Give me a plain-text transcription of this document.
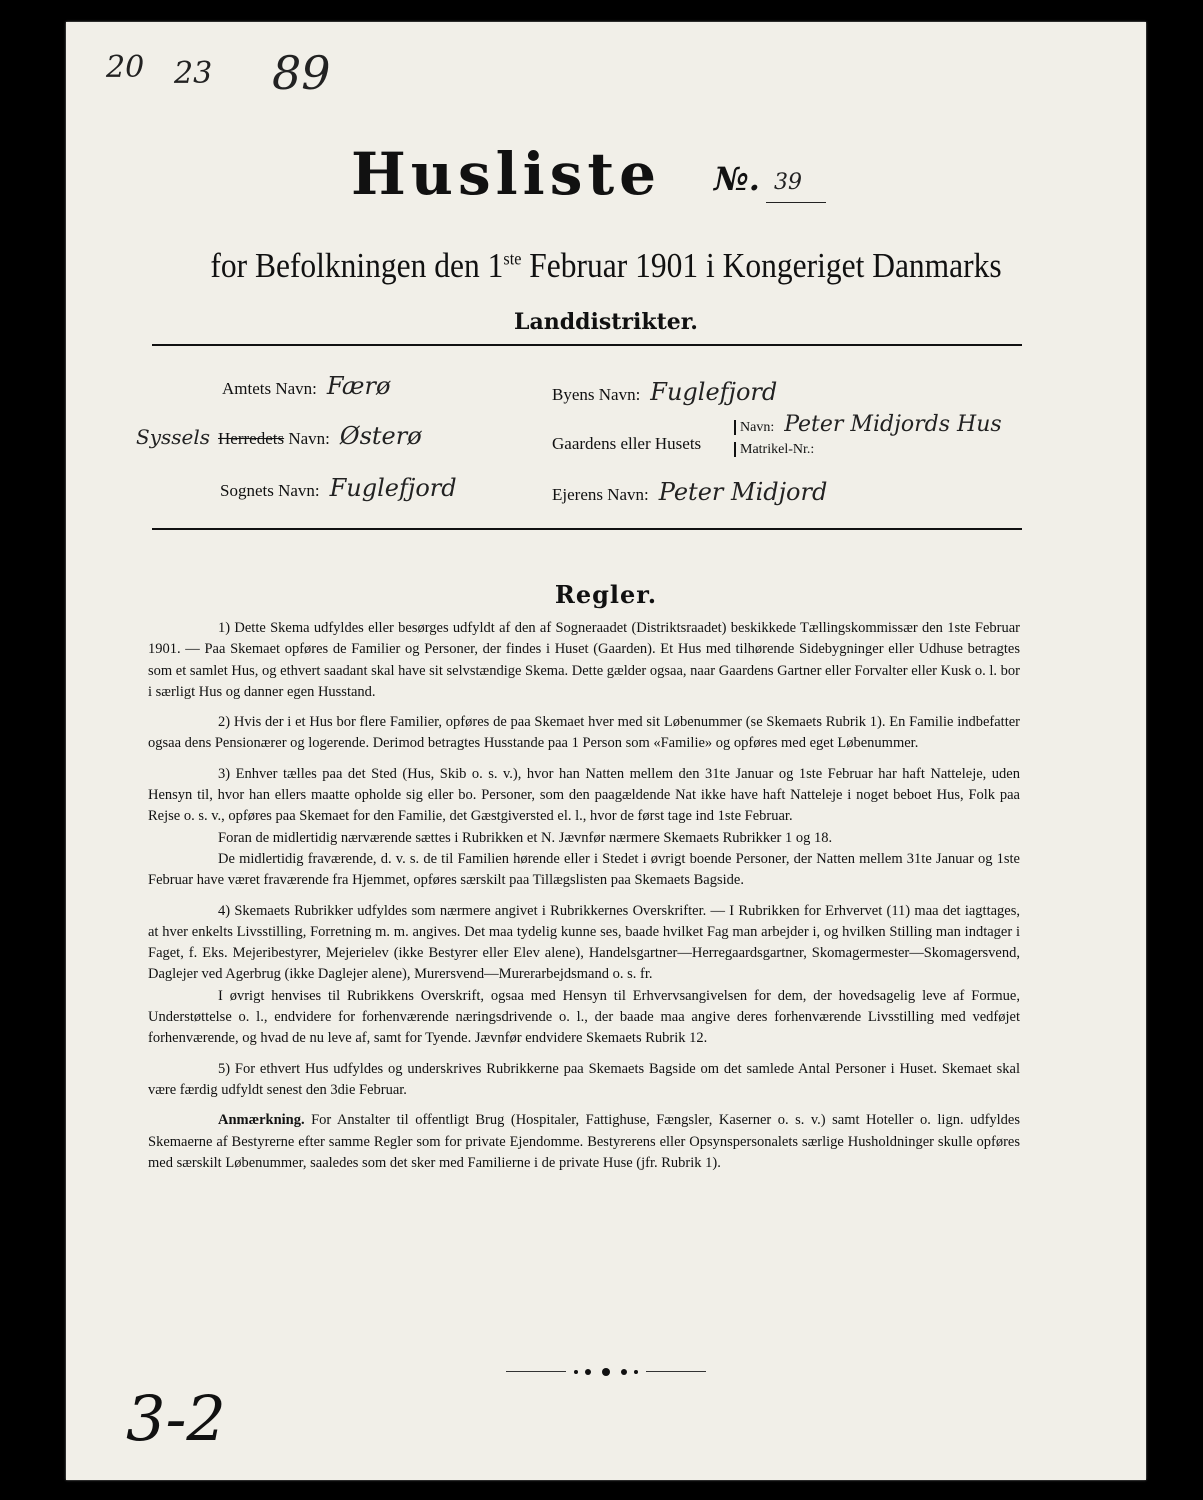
20 23 89
Husliste №. 39
for Befolkningen den 1ste Februar 1901 i Kongeriget Danmarks
Landdistrikter.
Amtets Navn: Færø
Syssels Herredets Navn: Østerø
Sognets Navn: Fuglefjord
Byens Navn: Fuglefjord
Gaardens eller Husets
Navn: Peter Midjords Hus
Matrikel-Nr.:
Ejerens Navn: Peter Midjord
Regler.

1) Dette Skema udfyldes eller besørges udfyldt af den af Sogneraadet (Distriktsraadet) beskikkede Tællingskommissær den 1ste Februar 1901. — Paa Skemaet opføres de Familier og Personer, der findes i Huset (Gaarden). Et Hus med tilhørende Sidebygninger eller Udhuse betragtes som et samlet Hus, og ethvert saadant skal have sit selvstændige Skema. Dette gælder ogsaa, naar Gaardens Gartner eller Forvalter eller Kusk o. l. bor i særligt Hus og danner egen Husstand.

2) Hvis der i et Hus bor flere Familier, opføres de paa Skemaet hver med sit Løbenummer (se Skemaets Rubrik 1). En Familie indbefatter ogsaa dens Pensionærer og logerende. Derimod betragtes Husstande paa 1 Person som «Familie» og opføres med eget Løbenummer.

3) Enhver tælles paa det Sted (Hus, Skib o. s. v.), hvor han Natten mellem den 31te Januar og 1ste Februar har haft Natteleje, uden Hensyn til, hvor han ellers maatte opholde sig eller bo. Personer, som den paagældende Nat ikke have haft Natteleje i noget beboet Hus, Folk paa Rejse o. s. v., opføres paa Skemaet for den Familie, det Gæstgiversted el. l., hvor de først tage ind 1ste Februar.

Foran de midlertidig nærværende sættes i Rubrikken et N. Jævnfør nærmere Skemaets Rubrikker 1 og 18.

De midlertidig fraværende, d. v. s. de til Familien hørende eller i Stedet i øvrigt boende Personer, der Natten mellem 31te Januar og 1ste Februar have været fraværende fra Hjemmet, opføres særskilt paa Tillægslisten paa Skemaets Bagside.

4) Skemaets Rubrikker udfyldes som nærmere angivet i Rubrikkernes Overskrifter. — I Rubrikken for Erhvervet (11) maa det iagttages, at hver enkelts Livsstilling, Forretning m. m. angives. Det maa tydelig kunne ses, baade hvilket Fag man arbejder i, og hvilken Stilling man indtager i Faget, f. Eks. Mejeribestyrer, Mejerielev (ikke Bestyrer eller Elev alene), Handelsgartner—Herregaardsgartner, Skomagermester—Skomagersvend, Daglejer ved Agerbrug (ikke Daglejer alene), Murersvend—Murerarbejdsmand o. s. fr.

I øvrigt henvises til Rubrikkens Overskrift, ogsaa med Hensyn til Erhvervsangivelsen for dem, der hovedsagelig leve af Formue, Understøttelse o. l., endvidere for forhenværende næringsdrivende o. l., der baade maa angive deres forhenværende Livsstilling med vedføjet forhenværende, og hvad de nu leve af, samt for Tyende. Jævnfør endvidere Skemaets Rubrik 12.

5) For ethvert Hus udfyldes og underskrives Rubrikkerne paa Skemaets Bagside om det samlede Antal Personer i Huset. Skemaet skal være færdig udfyldt senest den 3die Februar.

Anmærkning. For Anstalter til offentligt Brug (Hospitaler, Fattighuse, Fængsler, Kaserner o. s. v.) samt Hoteller o. lign. udfyldes Skemaerne af Bestyrerne efter samme Regler som for private Ejendomme. Bestyrerens eller Opsynspersonalets særlige Husholdninger skulle opføres med særskilt Løbenummer, saaledes som det sker med Familierne i de private Huse (jfr. Rubrik 1).

3-2
